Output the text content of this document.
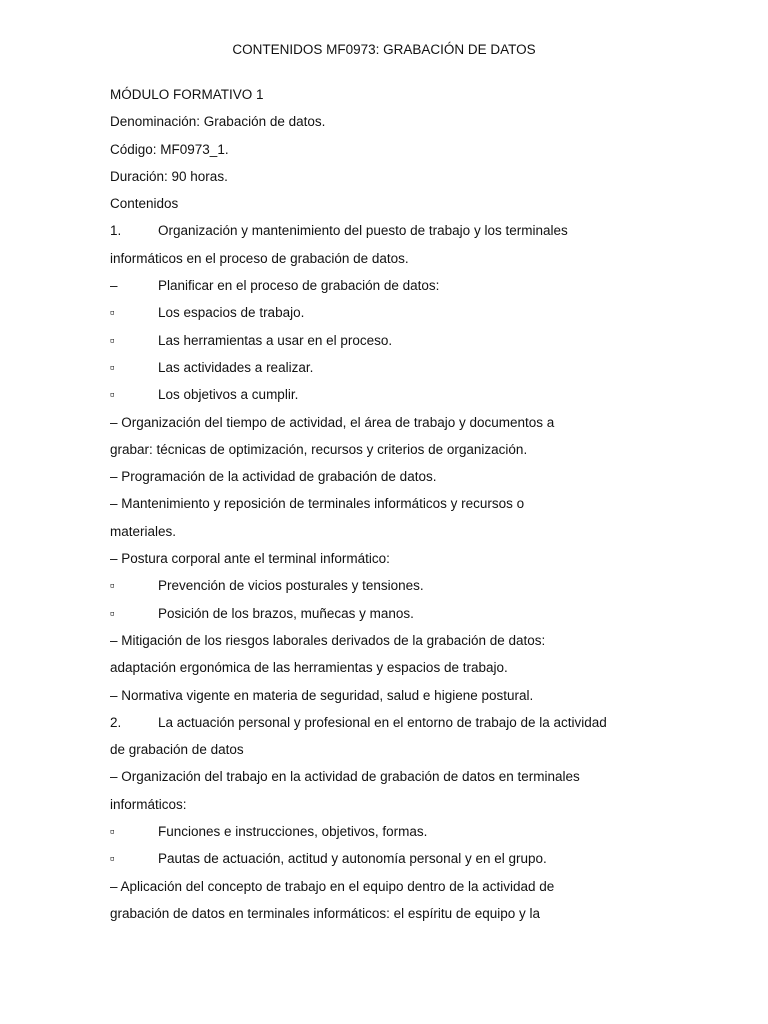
CONTENIDOS MF0973: GRABACIÓN DE DATOS
MÓDULO FORMATIVO 1
Denominación: Grabación de datos.
Código: MF0973_1.
Duración: 90 horas.
Contenidos
1.	Organización y mantenimiento del puesto de trabajo y los terminales
informáticos en el proceso de grabación de datos.
–	Planificar en el proceso de grabación de datos:
▫	Los espacios de trabajo.
▫	Las herramientas a usar en el proceso.
▫	Las actividades a realizar.
▫	Los objetivos a cumplir.
– Organización del tiempo de actividad, el área de trabajo y documentos a
grabar: técnicas de optimización, recursos y criterios de organización.
– Programación de la actividad de grabación de datos.
– Mantenimiento y reposición de terminales informáticos y recursos o
materiales.
– Postura corporal ante el terminal informático:
▫	Prevención de vicios posturales y tensiones.
▫	Posición de los brazos, muñecas y manos.
– Mitigación de los riesgos laborales derivados de la grabación de datos:
adaptación ergonómica de las herramientas y espacios de trabajo.
– Normativa vigente en materia de seguridad, salud e higiene postural.
2.	La actuación personal y profesional en el entorno de trabajo de la actividad
de grabación de datos
– Organización del trabajo en la actividad de grabación de datos en terminales
informáticos:
▫	Funciones e instrucciones, objetivos, formas.
▫	Pautas de actuación, actitud y autonomía personal y en el grupo.
– Aplicación del concepto de trabajo en el equipo dentro de la actividad de
grabación de datos en terminales informáticos: el espíritu de equipo y la
